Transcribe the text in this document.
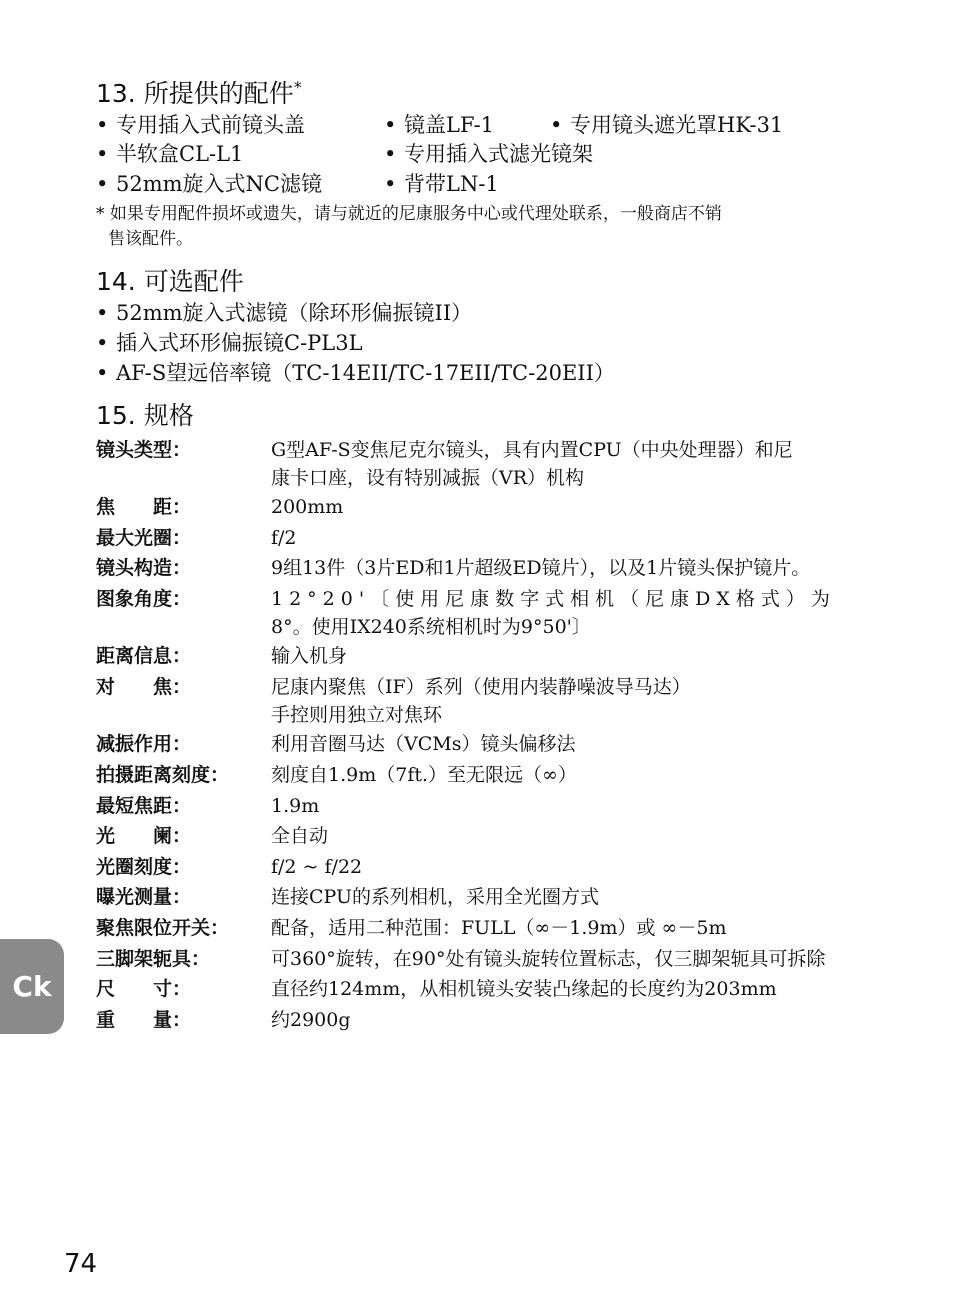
13. 所提供的配件*
• 专用插入式前镜头盖	• 镜盖LF-1	• 专用镜头遮光罩HK-31
• 半软盒CL-L1	• 专用插入式滤光镜架
• 52mm旋入式NC滤镜	• 背带LN-1
* 如果专用配件损坏或遗失，请与就近的尼康服务中心或代理处联系，一般商店不销
售该配件。
14. 可选配件
• 52mm旋入式滤镜（除环形偏振镜II）
• 插入式环形偏振镜C-PL3L
• AF-S望远倍率镜（TC-14EII/TC-17EII/TC-20EII）
15. 规格
镜头类型：	G型AF-S变焦尼克尔镜头，具有内置CPU（中央处理器）和尼
康卡口座，设有特别减振（VR）机构
焦　　距：	200mm
最大光圈：	f/2
镜头构造：	9组13件（3片ED和1片超级ED镜片），以及1片镜头保护镜片。
图象角度：	12°20'〔使用尼康数字式相机（尼康DX格式）为
8°。使用IX240系统相机时为9°50'〕
距离信息：	输入机身
对　　焦：	尼康内聚焦（IF）系列（使用内装静噪波导马达）
手控则用独立对焦环
减振作用：	利用音圈马达（VCMs）镜头偏移法
拍摄距离刻度：	刻度自1.9m（7ft.）至无限远（∞）
最短焦距：	1.9m
光　　阑：	全自动
光圈刻度：	f/2 ~ f/22
曝光测量：	连接CPU的系列相机，采用全光圈方式
聚焦限位开关：	配备，适用二种范围：FULL（∞－1.9m）或 ∞－5m
三脚架轭具：	可360°旋转，在90°处有镜头旋转位置标志，仅三脚架轭具可拆除
尺　　寸：	直径约124mm，从相机镜头安装凸缘起的长度约为203mm
重　　量：	约2900g
Ck
74
